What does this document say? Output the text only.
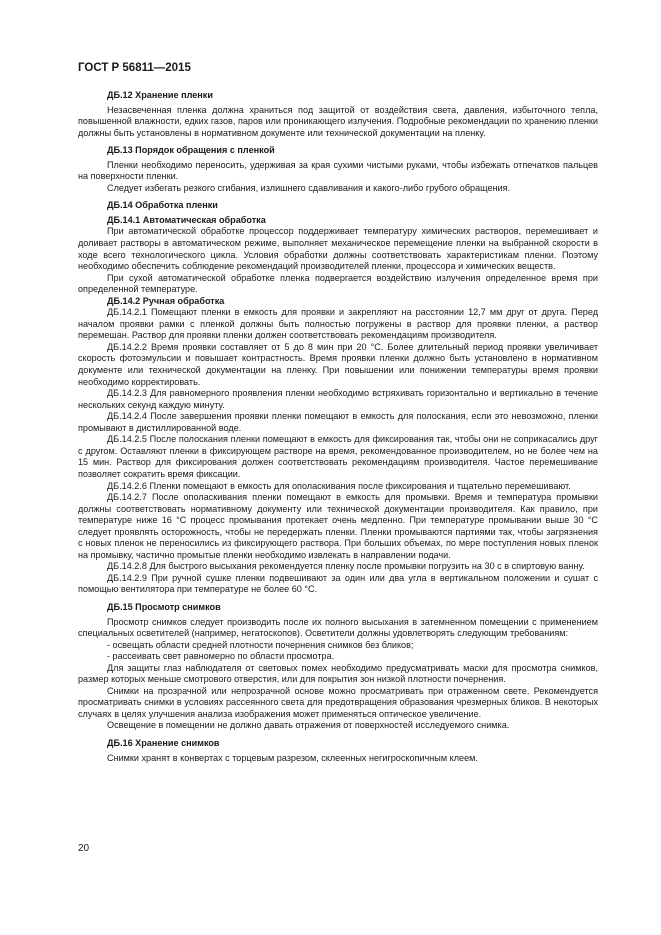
ГОСТ Р 56811—2015
ДБ.12 Хранение пленки

Незасвеченная пленка должна храниться под защитой от воздействия света, давления, избыточного тепла, повышенной влажности, едких газов, паров или проникающего излучения. Подробные рекомендации по хранению пленки должны быть установлены в нормативном документе или технической документации на пленку.

ДБ.13 Порядок обращения с пленкой

Пленки необходимо переносить, удерживая за края сухими чистыми руками, чтобы избежать отпечатков пальцев на поверхности пленки.

Следует избегать резкого сгибания, излишнего сдавливания и какого-либо грубого обращения.

ДБ.14 Обработка пленки
ДБ.14.1 Автоматическая обработка

При автоматической обработке процессор поддерживает температуру химических растворов, перемешивает и доливает растворы в автоматическом режиме, выполняет механическое перемещение пленки на выбранной скорости в ходе всего технологического цикла. Условия обработки должны соответствовать характеристикам пленки. Поэтому необходимо обеспечить соблюдение рекомендаций производителей пленки, процессора и химических веществ.

При сухой автоматической обработке пленка подвергается воздействию излучения определенное время при определенной температуре.

ДБ.14.2 Ручная обработка

ДБ.14.2.1 Помещают пленки в емкость для проявки и закрепляют на расстоянии 12,7 мм друг от друга. Перед началом проявки рамки с пленкой должны быть полностью погружены в раствор для проявки пленки, а раствор перемешан. Раствор для проявки пленки должен соответствовать рекомендациям производителя.

ДБ.14.2.2 Время проявки составляет от 5 до 8 мин при 20 °С. Более длительный период проявки увеличивает скорость фотоэмульсии и повышает контрастность. Время проявки пленки должно быть установлено в нормативном документе или технической документации на пленку. При повышении или понижении температуры время проявки необходимо корректировать.

ДБ.14.2.3 Для равномерного проявления пленки необходимо встряхивать горизонтально и вертикально в течение нескольких секунд каждую минуту.

ДБ.14.2.4 После завершения проявки пленки помещают в емкость для полоскания, если это невозможно, пленки промывают в дистиллированной воде.

ДБ.14.2.5 После полоскания пленки помещают в емкость для фиксирования так, чтобы они не соприкасались друг с другом. Оставляют пленки в фиксирующем растворе на время, рекомендованное производителем, но не более чем на 15 мин. Раствор для фиксирования должен соответствовать рекомендациям производителя. Частое перемешивание позволяет сократить время фиксации.

ДБ.14.2.6 Пленки помещают в емкость для ополаскивания после фиксирования и тщательно перемешивают.

ДБ.14.2.7 После ополаскивания пленки помещают в емкость для промывки. Время и температура промывки должны соответствовать нормативному документу или технической документации производителя. Как правило, при температуре ниже 16 °С процесс промывания протекает очень медленно. При температуре промывании выше 30 °С следует проявлять осторожность, чтобы не передержать пленки. Пленки промываются партиями так, чтобы загрязнения с новых пленок не переносились из фиксирующего раствора. При больших объемах, по мере поступления новых пленок на промывку, частично промытые пленки необходимо извлекать в направлении подачи.

ДБ.14.2.8 Для быстрого высыхания рекомендуется пленку после промывки погрузить на 30 с в спиртовую ванну.

ДБ.14.2.9 При ручной сушке пленки подвешивают за один или два угла в вертикальном положении и сушат с помощью вентилятора при температуре не более 60 °С.

ДБ.15 Просмотр снимков

Просмотр снимков следует производить после их полного высыхания в затемненном помещении с применением специальных осветителей (например, негатоскопов). Осветители должны удовлетворять следующим требованиям:

- освещать области средней плотности почернения снимков без бликов;

- рассеивать свет равномерно по области просмотра.

Для защиты глаз наблюдателя от световых помех необходимо предусматривать маски для просмотра снимков, размер которых меньше смотрового отверстия, или для покрытия зон низкой плотности почернения.

Снимки на прозрачной или непрозрачной основе можно просматривать при отраженном свете. Рекомендуется просматривать снимки в условиях рассеянного света для предотвращения образования чрезмерных бликов. В некоторых случаях в целях улучшения анализа изображения может применяться оптическое увеличение.

Освещение в помещении не должно давать отражения от поверхностей исследуемого снимка.

ДБ.16 Хранение снимков

Снимки хранят в конвертах с торцевым разрезом, склеенных негигроскопичным клеем.

20
